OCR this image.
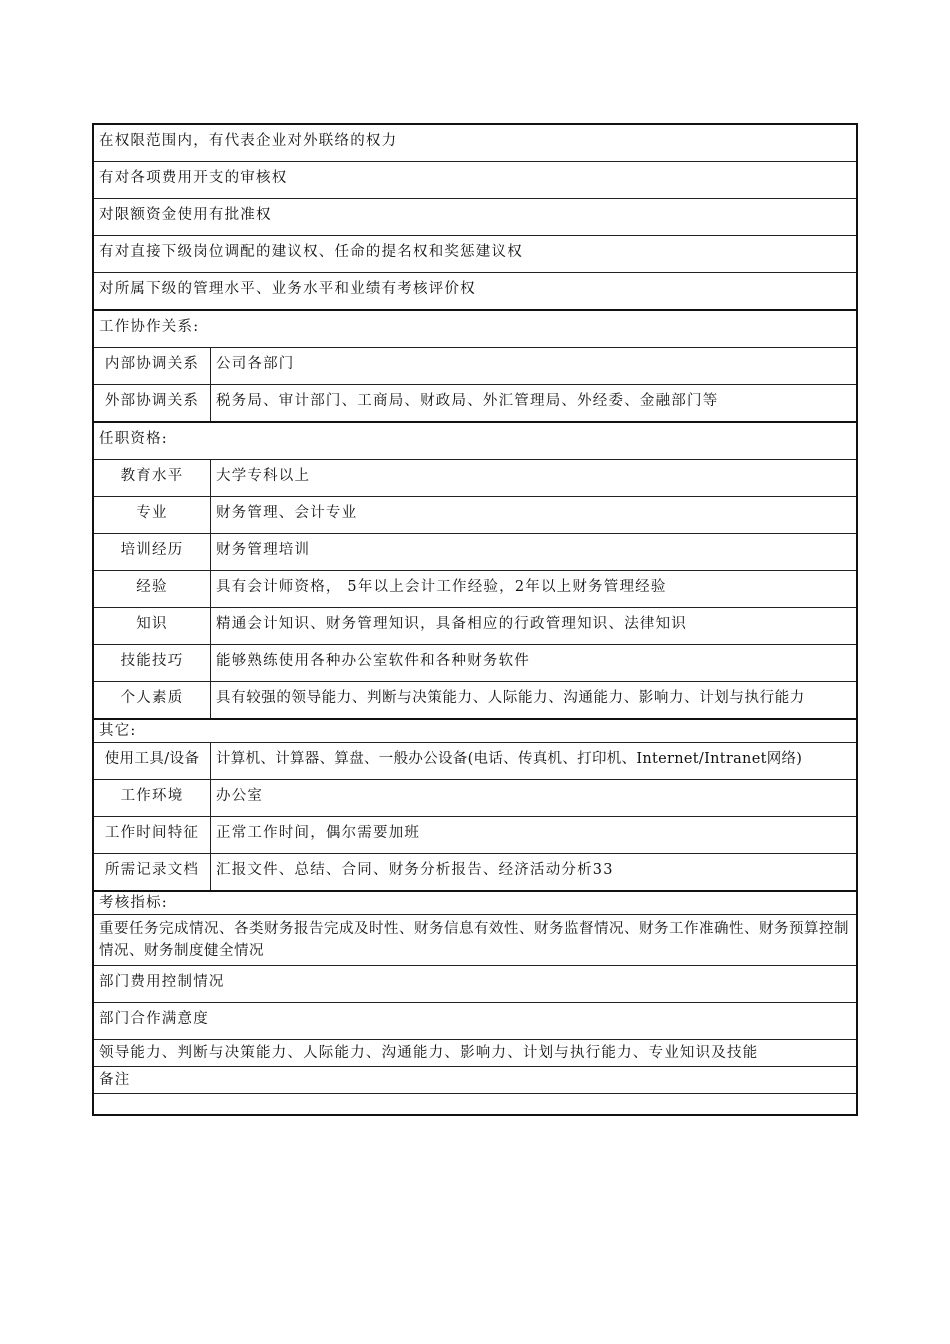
在权限范围内，有代表企业对外联络的权力
有对各项费用开支的审核权
对限额资金使用有批准权
有对直接下级岗位调配的建议权、任命的提名权和奖惩建议权
对所属下级的管理水平、业务水平和业绩有考核评价权
工作协作关系:
内部协调关系	公司各部门
外部协调关系	税务局、审计部门、工商局、财政局、外汇管理局、外经委、金融部门等
任职资格:
教育水平	大学专科以上
专业	财务管理、会计专业
培训经历	财务管理培训
经验	具有会计师资格， 5年以上会计工作经验，2年以上财务管理经验
知识	精通会计知识、财务管理知识，具备相应的行政管理知识、法律知识
技能技巧	能够熟练使用各种办公室软件和各种财务软件
个人素质	具有较强的领导能力、判断与决策能力、人际能力、沟通能力、影响力、计划与执行能力
其它:
使用工具/设备	计算机、计算器、算盘、一般办公设备(电话、传真机、打印机、Internet/Intranet网络)
工作环境	办公室
工作时间特征	正常工作时间，偶尔需要加班
所需记录文档	汇报文件、总结、合同、财务分析报告、经济活动分析33
考核指标:
重要任务完成情况、各类财务报告完成及时性、财务信息有效性、财务监督情况、财务工作准确性、财务预算控制情况、财务制度健全情况
部门费用控制情况
部门合作满意度
领导能力、判断与决策能力、人际能力、沟通能力、影响力、计划与执行能力、专业知识及技能
备注
